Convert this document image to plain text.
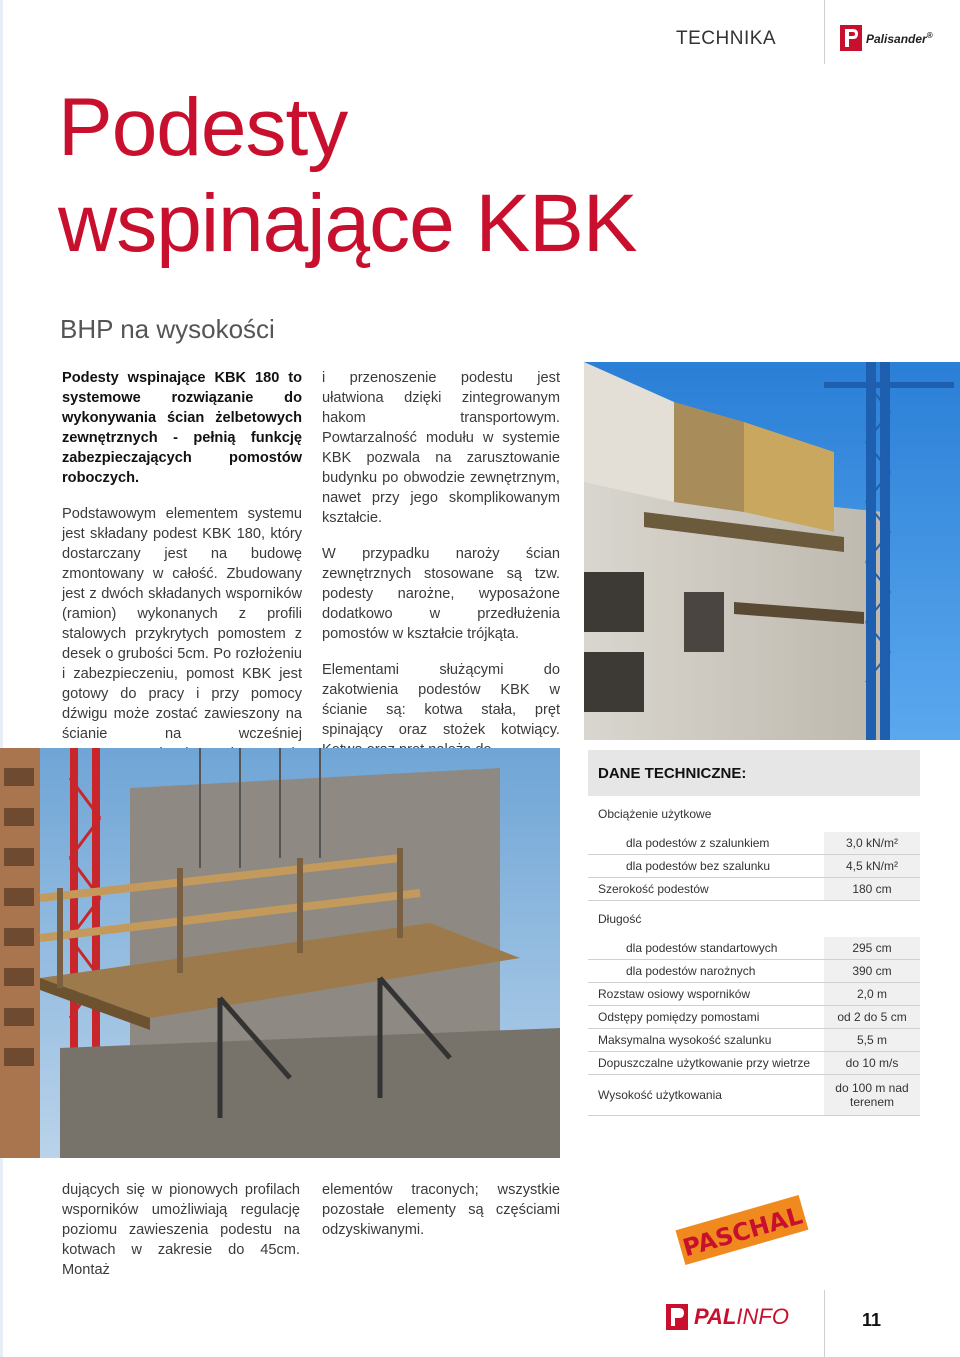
TECHNIKA	Palisander®
Podesty
wspinające KBK
BHP na wysokości

Podesty wspinające KBK 180 to systemowe rozwiązanie do wykonywania ścian żelbetowych zewnętrznych - pełnią funkcję zabezpieczających pomostów roboczych.

Podstawowym elementem systemu jest składany podest KBK 180, który dostarczany jest na budowę zmontowany w całość. Zbudowany jest z dwóch składanych wsporników (ramion) wykonanych z profili stalowych przykrytych pomostem z desek o grubości 5cm. Po rozłożeniu i zabezpieczeniu, pomost KBK jest gotowy do pracy i przy pomocy dźwigu może zostać zawieszony na ścianie na wcześniej

i przenoszenie podestu jest ułatwiona dzięki zintegrowanym hakom transportowym. Powtarzalność modułu w systemie KBK pozwala na zarusztowanie budynku po obwodzie zewnętrznym, nawet przy jego skomplikowanym kształcie.

W przypadku naroży ścian zewnętrznych stosowane są tzw. podesty narożne, wyposażone dodatkowo w przedłużenia pomostów w kształcie trójkąta.

Elementami służącymi do zakotwienia podestów KBK w ścianie są: kotwa stała, pręt spinający oraz stożek kotwiący.

DANE TECHNICZNE:
Obciążenie użytkowe
dla podestów z szalunkiem	3,0 kN/m²
dla podestów bez szalunku	4,5 kN/m²
Szerokość podestów	180 cm
Długość
dla podestów standartowych	295 cm
dla podestów narożnych	390 cm
Rozstaw osiowy wsporników	2,0 m
Odstępy pomiędzy pomostami	od 2 do 5 cm
Maksymalna wysokość szalunku	5,5 m
Dopuszczalne użytkowanie przy wietrze	do 10 m/s
Wysokość użytkowania	do 100 m nad terenem

dujących się w pionowych profilach wsporników umożliwiają regulację poziomu zawieszenia podestu na kotwach w zakresie do 45cm. Montaż

elementów traconych; wszystkie pozostałe elementy są częściami odzyskiwanymi.	PASCHAL
PALINFO	11
